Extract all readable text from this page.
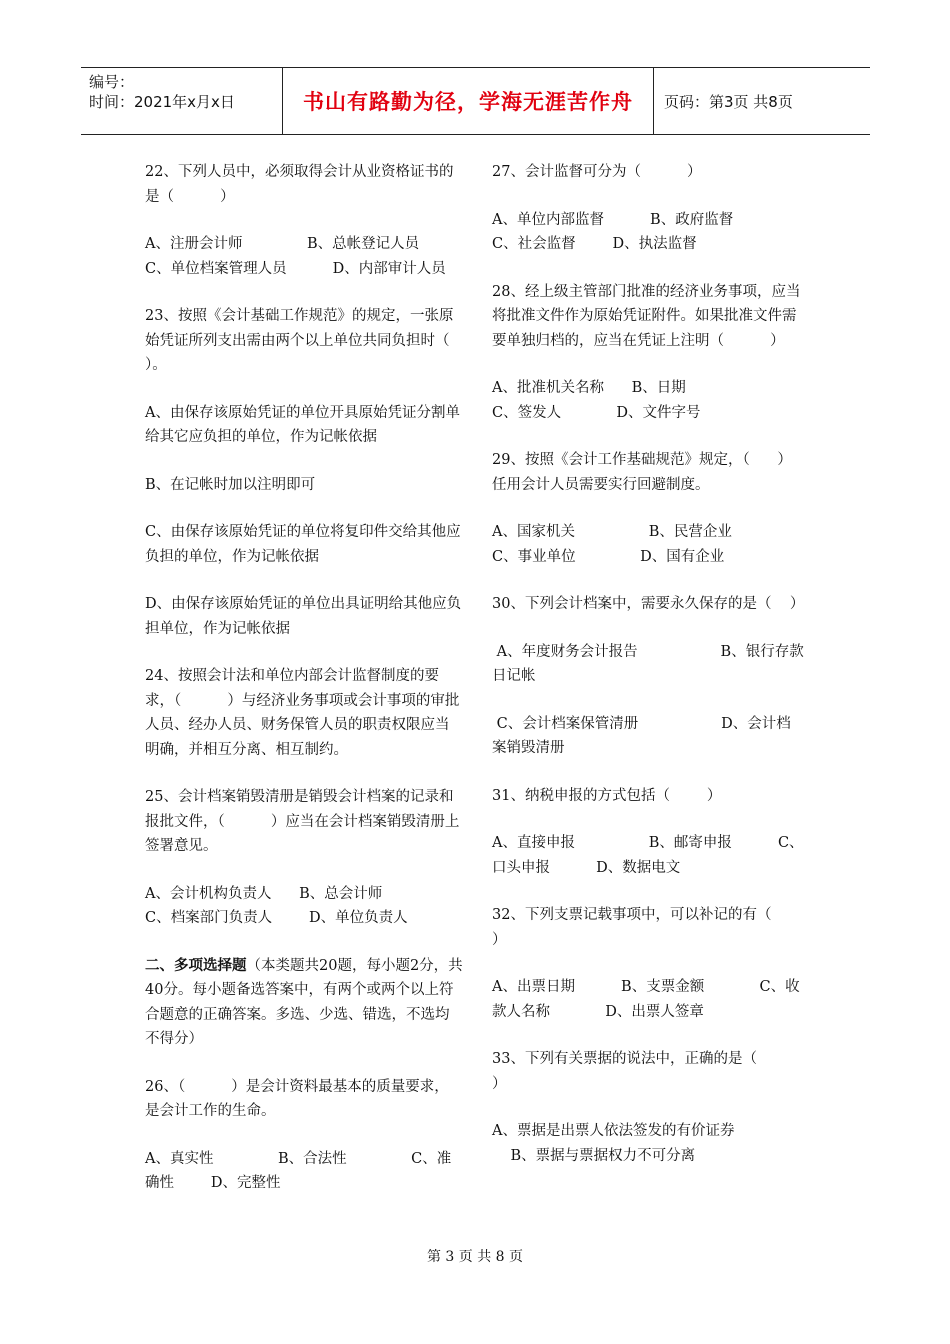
编号：
时间：2021年x月x日	书山有路勤为径，学海无涯苦作舟	页码：第3页 共8页

22、下列人员中，必须取得会计从业资格证书的是（          ）

A、注册会计师              B、总帐登记人员        C、单位档案管理人员          D、内部审计人员

23、按照《会计基础工作规范》的规定，一张原始凭证所列支出需由两个以上单位共同负担时（          ）。

A、由保存该原始凭证的单位开具原始凭证分割单给其它应负担的单位，作为记帐依据

B、在记帐时加以注明即可

C、由保存该原始凭证的单位将复印件交给其他应负担的单位，作为记帐依据

D、由保存该原始凭证的单位出具证明给其他应负担单位，作为记帐依据

24、按照会计法和单位内部会计监督制度的要求，（          ）与经济业务事项或会计事项的审批人员、经办人员、财务保管人员的职责权限应当明确，并相互分离、相互制约。

25、会计档案销毁清册是销毁会计档案的记录和报批文件，（          ）应当在会计档案销毁清册上签署意见。

A、会计机构负责人      B、总会计师

C、档案部门负责人        D、单位负责人

二、多项选择题（本类题共20题，每小题2分，共40分。每小题备选答案中，有两个或两个以上符合题意的正确答案。多选、少选、错选，不选均不得分）

26、（          ）是会计资料最基本的质量要求，是会计工作的生命。

A、真实性              B、合法性              C、准确性        D、完整性

27、会计监督可分为（          ）

A、单位内部监督          B、政府监督

C、社会监督        D、执法监督

28、经上级主管部门批准的经济业务事项，应当将批准文件作为原始凭证附件。如果批准文件需要单独归档的，应当在凭证上注明（          ）

A、批准机关名称      B、日期

C、签发人            D、文件字号

29、按照《会计工作基础规范》规定，（      ）任用会计人员需要实行回避制度。

A、国家机关                B、民营企业

C、事业单位              D、国有企业

30、下列会计档案中，需要永久保存的是（    ）

A、年度财务会计报告                  B、银行存款日记帐

C、会计档案保管清册                  D、会计档案销毁清册

31、纳税申报的方式包括（        ）

A、直接申报                B、邮寄申报          C、口头申报          D、数据电文

32、下列支票记载事项中，可以补记的有（          ）

A、出票日期          B、支票金额            C、收款人名称            D、出票人签章

33、下列有关票据的说法中，正确的是（          ）

A、票据是出票人依法签发的有价证券

B、票据与票据权力不可分离

第 3 页 共 8 页
